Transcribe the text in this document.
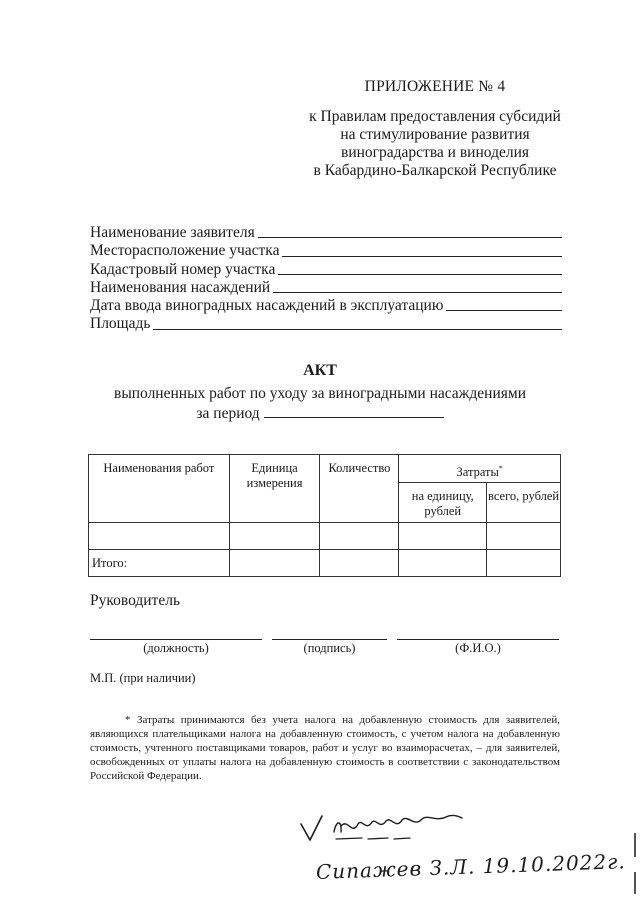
ПРИЛОЖЕНИЕ № 4
к Правилам предоставления субсидий
на стимулирование развития
виноградарства и виноделия
в Кабардино-Балкарской Республике
Наименование заявителя
Месторасположение участка
Кадастровый номер участка
Наименования насаждений
Дата ввода виноградных насаждений в эксплуатацию
Площадь
АКТ
выполненных работ по уходу за виноградными насаждениями
за период
Наименования работ	Единица измерения	Количество	Затраты*
			на единицу, рублей	всего, рублей

Итого:				
Руководитель
(должность)	(подпись)	(Ф.И.О.)
М.П. (при наличии)
* Затраты принимаются без учета налога на добавленную стоимость для заявителей, являющихся плательщиками налога на добавленную стоимость, с учетом налога на добавленную стоимость, учтенного поставщиками товаров, работ и услуг во взаиморасчетах, – для заявителей, освобожденных от уплаты налога на добавленную стоимость в соответствии с законодательством Российской Федерации.
Сипажев З.Л. 19.10.2022г.
